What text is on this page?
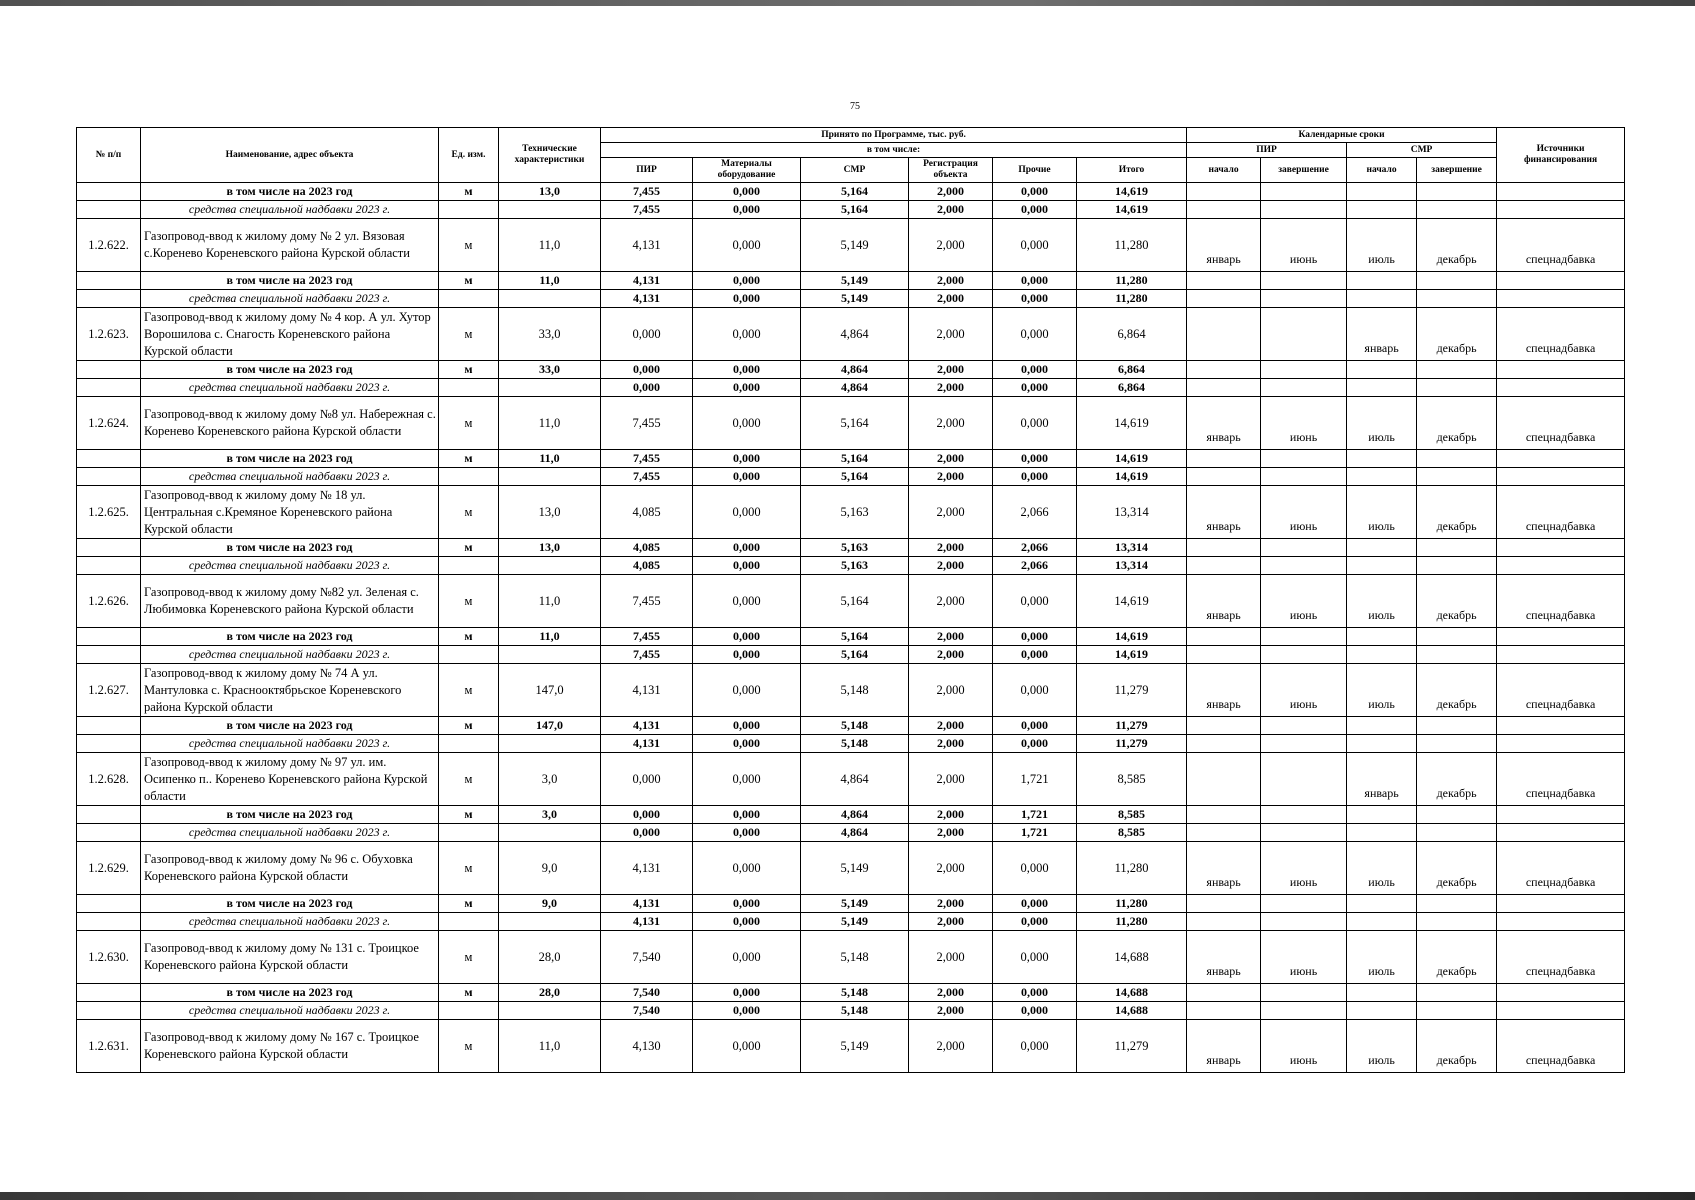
75
№ п/п	Наименование, адрес объекта	Ед. изм.	Технические характеристики	Принято по Программе, тыс. руб.						Календарные сроки				Источники финансирования
				в том числе:						ПИР		СМР		
				ПИР	Материалы оборудование	СМР	Регистрация объекта	Прочие	Итого	начало	завершение	начало	завершение	
	в том числе на 2023 год	м	13,0	7,455	0,000	5,164	2,000	0,000	14,619					
	средства специальной надбавки 2023 г.			7,455	0,000	5,164	2,000	0,000	14,619					
1.2.622.	Газопровод-ввод к жилому дому № 2 ул. Вязовая с.Коренево Кореневского района Курской области	м	11,0	4,131	0,000	5,149	2,000	0,000	11,280	январь	июнь	июль	декабрь	спецнадбавка
	в том числе на 2023 год	м	11,0	4,131	0,000	5,149	2,000	0,000	11,280					
	средства специальной надбавки 2023 г.			4,131	0,000	5,149	2,000	0,000	11,280					
1.2.623.	Газопровод-ввод к жилому дому № 4 кор. А ул. Хутор Ворошилова с. Снагость Кореневского района Курской области	м	33,0	0,000	0,000	4,864	2,000	0,000	6,864			январь	декабрь	спецнадбавка
	в том числе на 2023 год	м	33,0	0,000	0,000	4,864	2,000	0,000	6,864					
	средства специальной надбавки 2023 г.			0,000	0,000	4,864	2,000	0,000	6,864					
1.2.624.	Газопровод-ввод к жилому дому №8 ул. Набережная с. Коренево Кореневского района Курской области	м	11,0	7,455	0,000	5,164	2,000	0,000	14,619	январь	июнь	июль	декабрь	спецнадбавка
	в том числе на 2023 год	м	11,0	7,455	0,000	5,164	2,000	0,000	14,619					
	средства специальной надбавки 2023 г.			7,455	0,000	5,164	2,000	0,000	14,619					
1.2.625.	Газопровод-ввод к жилому дому № 18 ул. Центральная с.Кремяное Кореневского района Курской области	м	13,0	4,085	0,000	5,163	2,000	2,066	13,314	январь	июнь	июль	декабрь	спецнадбавка
	в том числе на 2023 год	м	13,0	4,085	0,000	5,163	2,000	2,066	13,314					
	средства специальной надбавки 2023 г.			4,085	0,000	5,163	2,000	2,066	13,314					
1.2.626.	Газопровод-ввод к жилому дому №82 ул. Зеленая с. Любимовка Кореневского района Курской области	м	11,0	7,455	0,000	5,164	2,000	0,000	14,619	январь	июнь	июль	декабрь	спецнадбавка
	в том числе на 2023 год	м	11,0	7,455	0,000	5,164	2,000	0,000	14,619					
	средства специальной надбавки 2023 г.			7,455	0,000	5,164	2,000	0,000	14,619					
1.2.627.	Газопровод-ввод к жилому дому № 74 А ул. Мантуловка с. Краснооктябрьское Кореневского района Курской области	м	147,0	4,131	0,000	5,148	2,000	0,000	11,279	январь	июнь	июль	декабрь	спецнадбавка
	в том числе на 2023 год	м	147,0	4,131	0,000	5,148	2,000	0,000	11,279					
	средства специальной надбавки 2023 г.			4,131	0,000	5,148	2,000	0,000	11,279					
1.2.628.	Газопровод-ввод к жилому дому № 97 ул. им. Осипенко п.. Коренево Кореневского района Курской области	м	3,0	0,000	0,000	4,864	2,000	1,721	8,585			январь	декабрь	спецнадбавка
	в том числе на 2023 год	м	3,0	0,000	0,000	4,864	2,000	1,721	8,585					
	средства специальной надбавки 2023 г.			0,000	0,000	4,864	2,000	1,721	8,585					
1.2.629.	Газопровод-ввод к жилому дому № 96 с. Обуховка Кореневского района Курской области	м	9,0	4,131	0,000	5,149	2,000	0,000	11,280	январь	июнь	июль	декабрь	спецнадбавка
	в том числе на 2023 год	м	9,0	4,131	0,000	5,149	2,000	0,000	11,280					
	средства специальной надбавки 2023 г.			4,131	0,000	5,149	2,000	0,000	11,280					
1.2.630.	Газопровод-ввод к жилому дому № 131 с. Троицкое Кореневского района Курской области	м	28,0	7,540	0,000	5,148	2,000	0,000	14,688	январь	июнь	июль	декабрь	спецнадбавка
	в том числе на 2023 год	м	28,0	7,540	0,000	5,148	2,000	0,000	14,688					
	средства специальной надбавки 2023 г.			7,540	0,000	5,148	2,000	0,000	14,688					
1.2.631.	Газопровод-ввод к жилому дому № 167 с. Троицкое Кореневского района Курской области	м	11,0	4,130	0,000	5,149	2,000	0,000	11,279	январь	июнь	июль	декабрь	спецнадбавка
